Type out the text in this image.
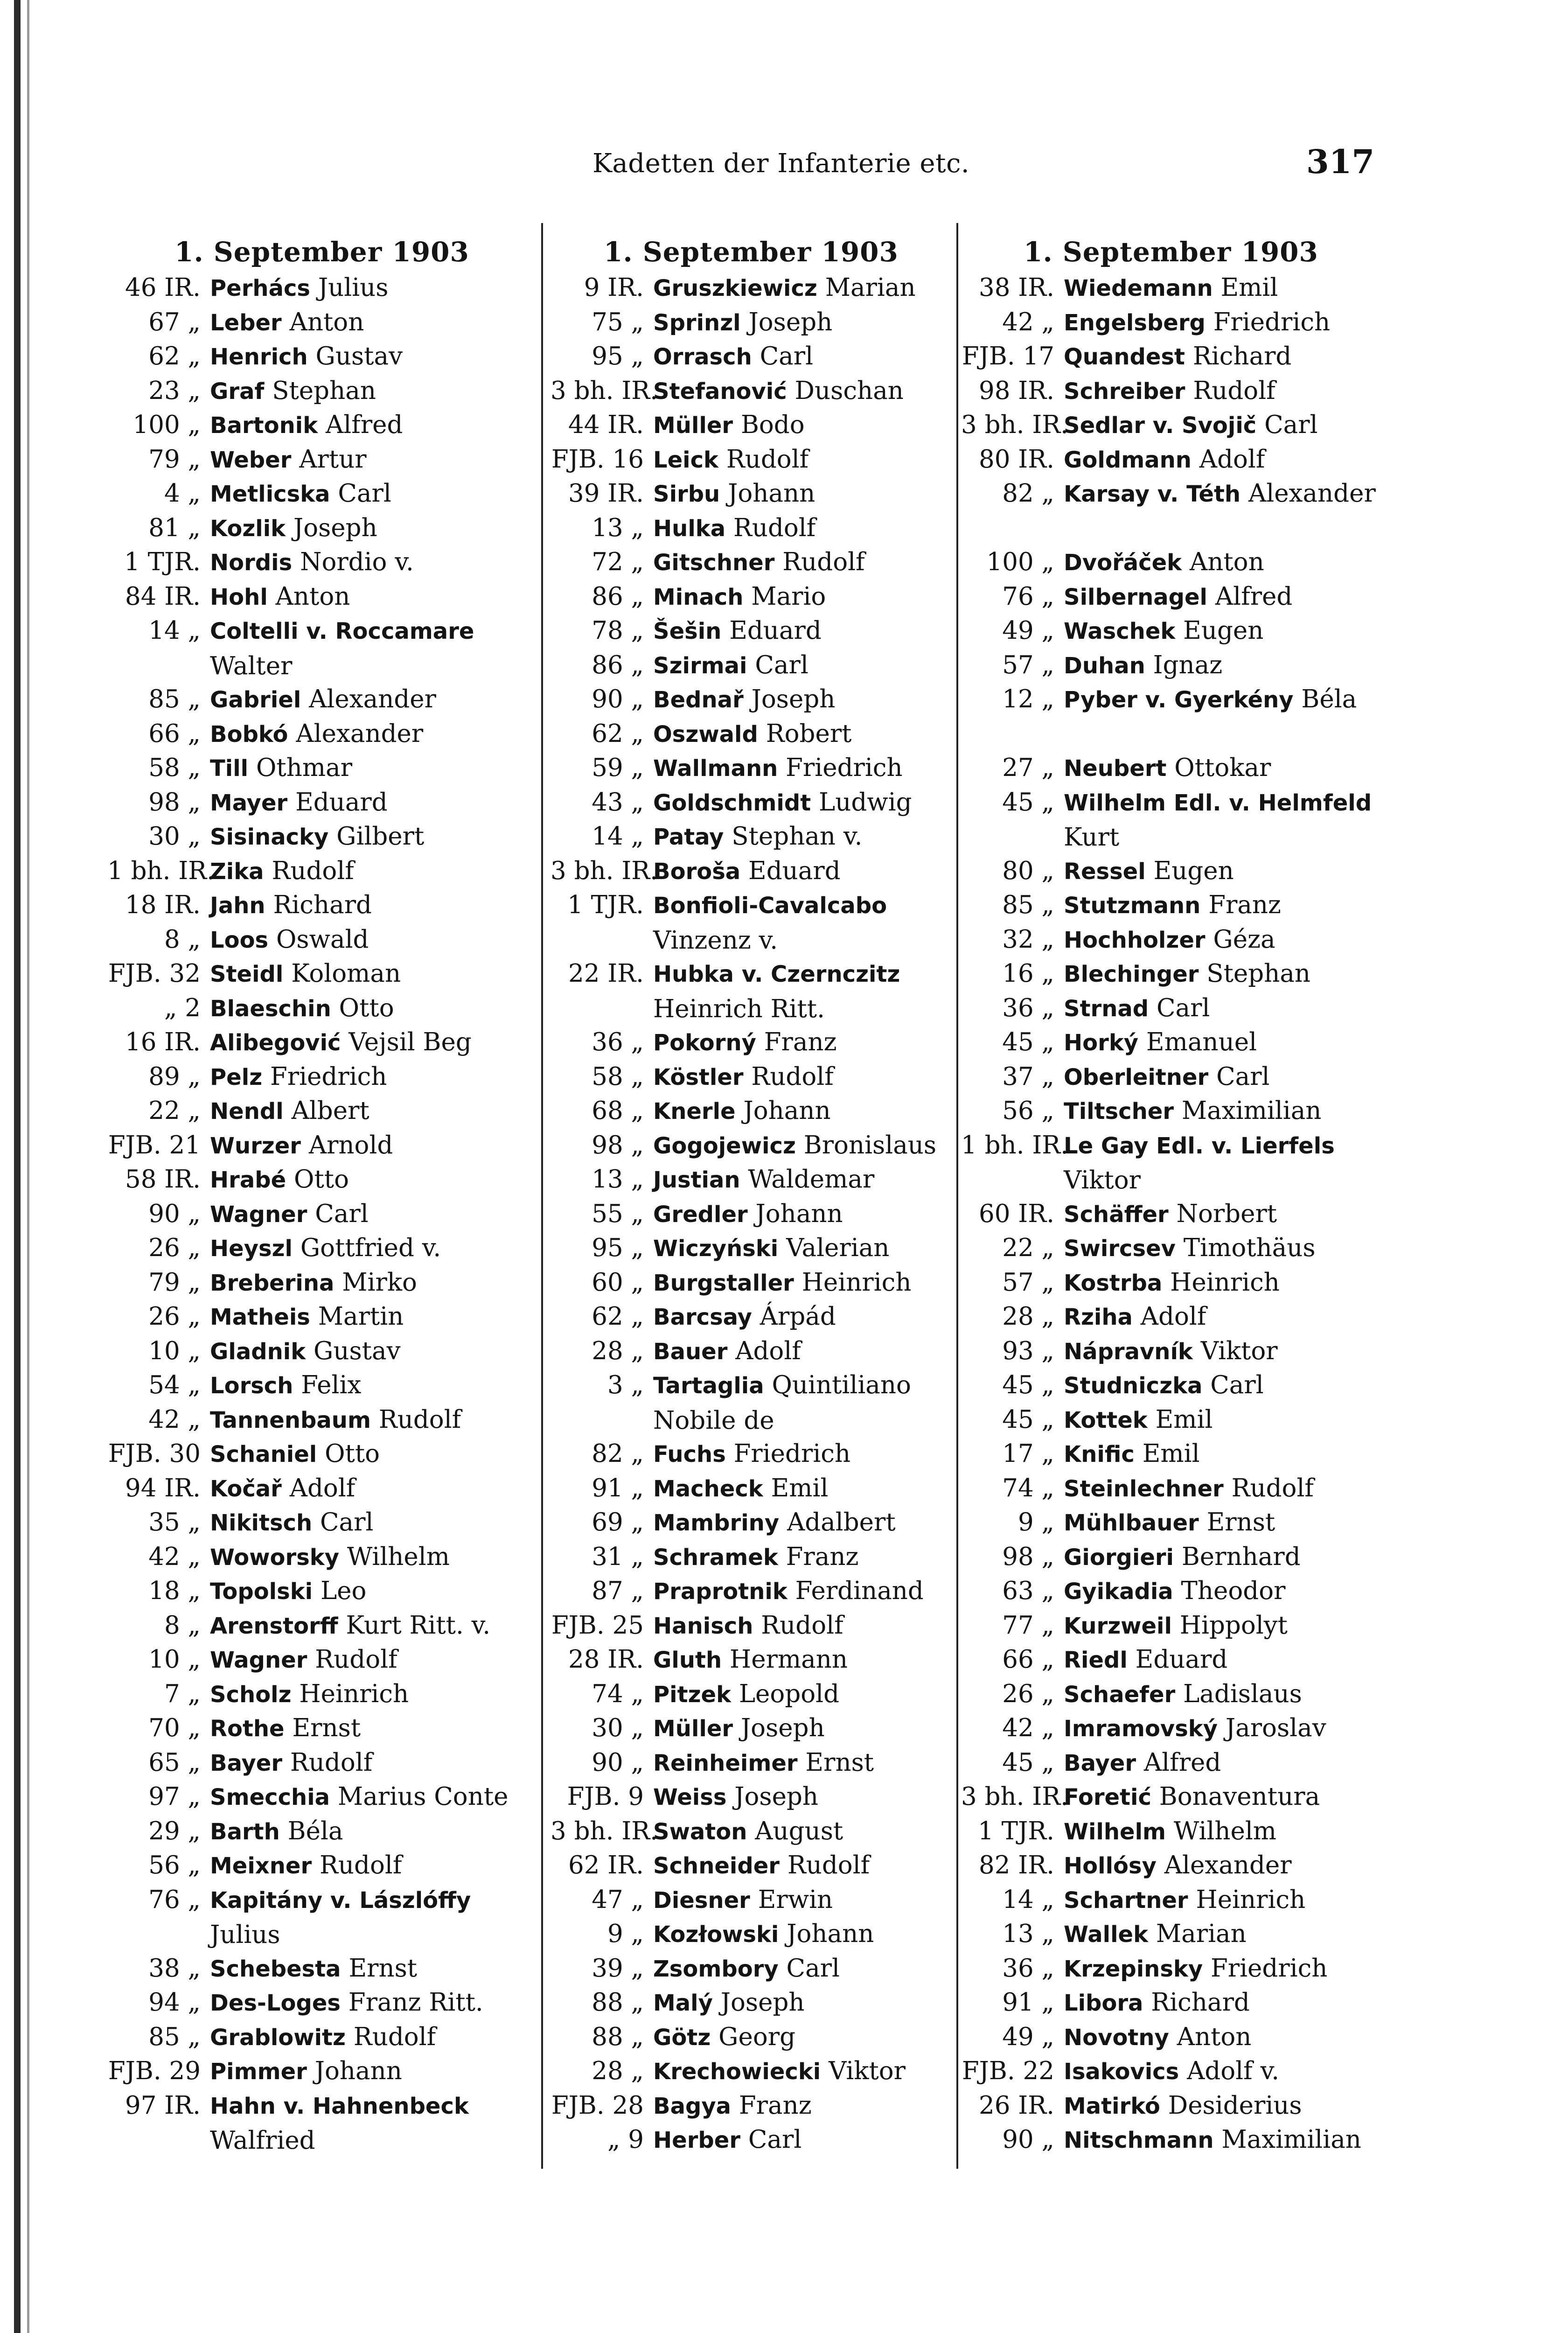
Kadetten der Infanterie etc.	317
1. September 1903
46 IR. Perhács Julius
67 „ Leber Anton
62 „ Henrich Gustav
23 „ Graf Stephan
100 „ Bartonik Alfred
79 „ Weber Artur
4 „ Metlicska Carl
81 „ Kozlik Joseph
1 TJR. Nordis Nordio v.
84 IR. Hohl Anton
14 „ Coltelli v. Roccamare Walter
85 „ Gabriel Alexander
66 „ Bobkó Alexander
58 „ Till Othmar
98 „ Mayer Eduard
30 „ Sisinacky Gilbert
1 bh. IR.
Zika Rudolf
18 IR. Jahn Richard
8 „ Loos Oswald
FJB. 32 Steidl Koloman
„ 2 Blaeschin Otto
16 IR. Alibegović Vejsil Beg
89 „ Pelz Friedrich
22 „ Nendl Albert
FJB. 21 Wurzer Arnold
58 IR. Hrabé Otto
90 „ Wagner Carl
26 „ Heyszl Gottfried v.
79 „ Breberina Mirko
26 „ Matheis Martin
10 „ Gladnik Gustav
54 „ Lorsch Felix
42 „ Tannenbaum Rudolf
FJB. 30 Schaniel Otto
94 IR. Kočař Adolf
35 „ Nikitsch Carl
42 „ Woworsky Wilhelm
18 „ Topolski Leo
8 „ Arenstorff Kurt Ritt. v.
10 „ Wagner Rudolf
7 „ Scholz Heinrich
70 „ Rothe Ernst
65 „ Bayer Rudolf
97 „ Smecchia Marius Conte
29 „ Barth Béla
56 „ Meixner Rudolf
76 „ Kapitány v. Lászlóffy Julius
38 „ Schebesta Ernst
94 „ Des-Loges Franz Ritt.
85 „ Grablowitz Rudolf
FJB. 29 Pimmer Johann
97 IR. Hahn v. Hahnenbeck Walfried
1. September 1903
9 IR. Gruszkiewicz Marian
75 „ Sprinzl Joseph
95 „ Orrasch Carl
3 bh. IR.
Stefanović Duschan
44 IR. Müller Bodo
FJB. 16 Leick Rudolf
39 IR. Sirbu Johann
13 „ Hulka Rudolf
72 „ Gitschner Rudolf
86 „ Minach Mario
78 „ Šešin Eduard
86 „ Szirmai Carl
90 „ Bednař Joseph
62 „ Oszwald Robert
59 „ Wallmann Friedrich
43 „ Goldschmidt Ludwig
14 „ Patay Stephan v.
3 bh. IR.
Boroša Eduard
1 TJR. Bonfioli-Cavalcabo Vinzenz v.
22 IR. Hubka v. Czernczitz Heinrich Ritt.
36 „ Pokorný Franz
58 „ Köstler Rudolf
68 „ Knerle Johann
98 „ Gogojewicz Bronislaus
13 „ Justian Waldemar
55 „ Gredler Johann
95 „ Wiczyński Valerian
60 „ Burgstaller Heinrich
62 „ Barcsay Árpád
28 „ Bauer Adolf
3 „ Tartaglia Quintiliano Nobile de
82 „ Fuchs Friedrich
91 „ Macheck Emil
69 „ Mambriny Adalbert
31 „ Schramek Franz
87 „ Praprotnik Ferdinand
FJB. 25 Hanisch Rudolf
28 IR. Gluth Hermann
74 „ Pitzek Leopold
30 „ Müller Joseph
90 „ Reinheimer Ernst
FJB. 9 Weiss Joseph
3 bh. IR.
Swaton August
62 IR. Schneider Rudolf
47 „ Diesner Erwin
9 „ Kozłowski Johann
39 „ Zsombory Carl
88 „ Malý Joseph
88 „ Götz Georg
28 „ Krechowiecki Viktor
FJB. 28 Bagya Franz
„ 9 Herber Carl
1. September 1903
38 IR. Wiedemann Emil
42 „ Engelsberg Friedrich
FJB. 17 Quandest Richard
98 IR. Schreiber Rudolf
3 bh. IR.
Sedlar v. Svojič Carl
80 IR. Goldmann Adolf
82 „ Karsay v. Téth Alexander
100 „ Dvořáček Anton
76 „ Silbernagel Alfred
49 „ Waschek Eugen
57 „ Duhan Ignaz
12 „ Pyber v. Gyerkény Béla
27 „ Neubert Ottokar
45 „ Wilhelm Edl. v. Helmfeld Kurt
80 „ Ressel Eugen
85 „ Stutzmann Franz
32 „ Hochholzer Géza
16 „ Blechinger Stephan
36 „ Strnad Carl
45 „ Horký Emanuel
37 „ Oberleitner Carl
56 „ Tiltscher Maximilian
1 bh. IR.
Le Gay Edl. v. Lierfels Viktor
60 IR. Schäffer Norbert
22 „ Swircsev Timothäus
57 „ Kostrba Heinrich
28 „ Rziha Adolf
93 „ Nápravník Viktor
45 „ Studniczka Carl
45 „ Kottek Emil
17 „ Knific Emil
74 „ Steinlechner Rudolf
9 „ Mühlbauer Ernst
98 „ Giorgieri Bernhard
63 „ Gyikadia Theodor
77 „ Kurzweil Hippolyt
66 „ Riedl Eduard
26 „ Schaefer Ladislaus
42 „ Imramovský Jaroslav
45 „ Bayer Alfred
3 bh. IR.
Foretić Bonaventura
1 TJR. Wilhelm Wilhelm
82 IR. Hollósy Alexander
14 „ Schartner Heinrich
13 „ Wallek Marian
36 „ Krzepinsky Friedrich
91 „ Libora Richard
49 „ Novotny Anton
FJB. 22 Isakovics Adolf v.
26 IR. Matirkó Desiderius
90 „ Nitschmann Maximilian
